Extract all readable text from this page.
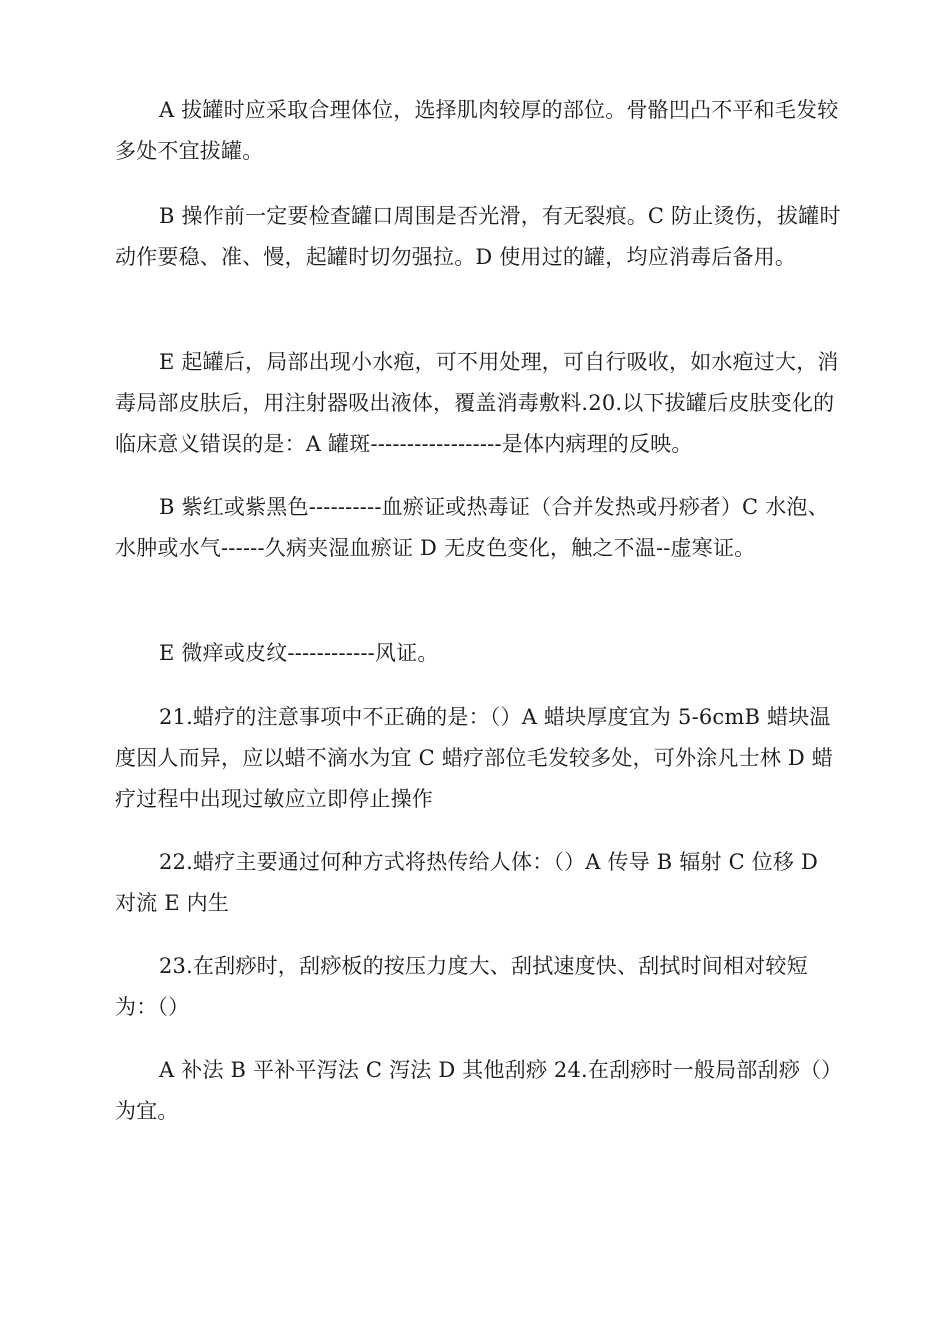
A 拔罐时应采取合理体位，选择肌肉较厚的部位。骨骼凹凸不平和毛发较多处不宜拔罐。

B 操作前一定要检查罐口周围是否光滑，有无裂痕。C 防止烫伤，拔罐时动作要稳、准、慢，起罐时切勿强拉。D 使用过的罐，均应消毒后备用。

E 起罐后，局部出现小水疱，可不用处理，可自行吸收，如水疱过大，消毒局部皮肤后，用注射器吸出液体，覆盖消毒敷料.20.以下拔罐后皮肤变化的临床意义错误的是：A 罐斑------------------是体内病理的反映。

B 紫红或紫黑色----------血瘀证或热毒证（合并发热或丹痧者）C 水泡、水肿或水气------久病夹湿血瘀证 D 无皮色变化，触之不温--虚寒证。

E 微痒或皮纹------------风证。

21.蜡疗的注意事项中不正确的是：（）A 蜡块厚度宜为 5-6cmB 蜡块温度因人而异，应以蜡不滴水为宜 C 蜡疗部位毛发较多处，可外涂凡士林 D 蜡疗过程中出现过敏应立即停止操作

22.蜡疗主要通过何种方式将热传给人体：（）A 传导 B 辐射 C 位移 D 对流 E 内生

23.在刮痧时，刮痧板的按压力度大、刮拭速度快、刮拭时间相对较短为：（）

A 补法 B 平补平泻法 C 泻法 D 其他刮痧 24.在刮痧时一般局部刮痧（）为宜。
